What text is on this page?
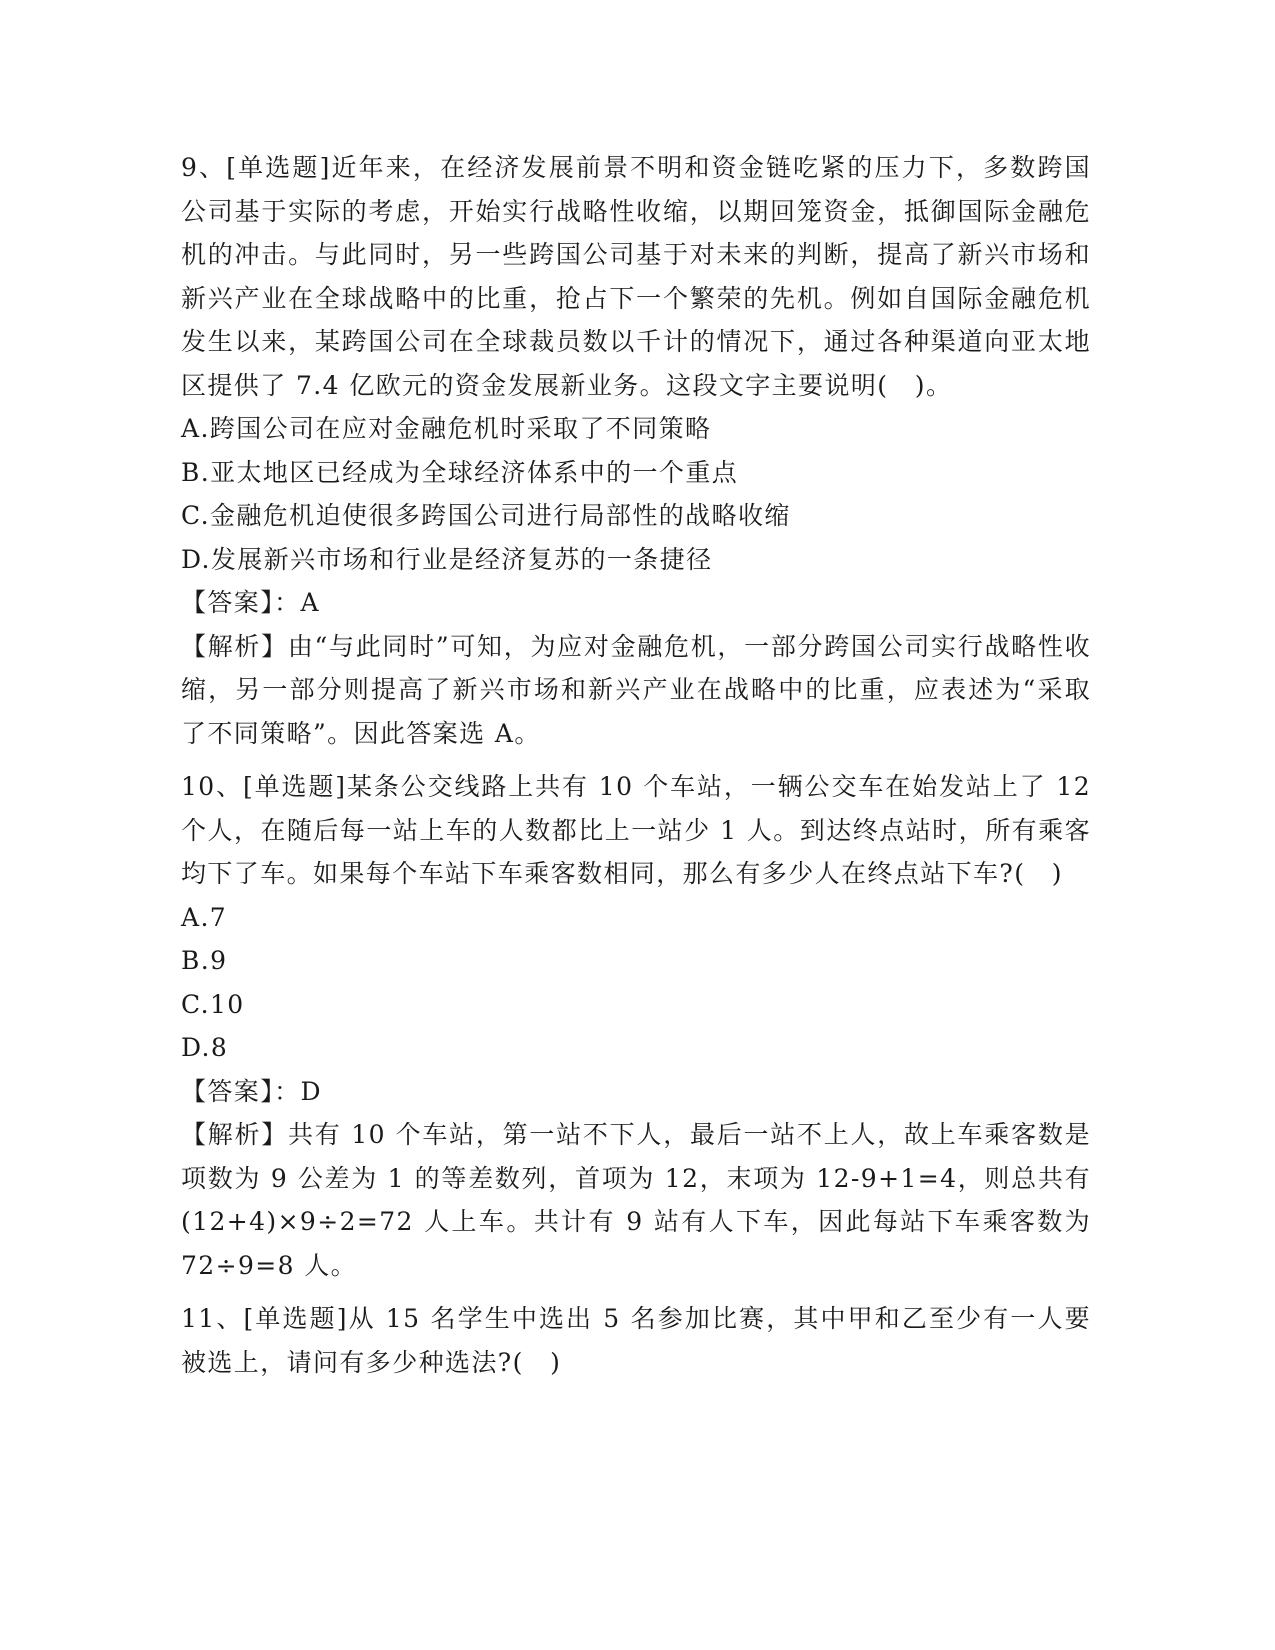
9、[单选题]近年来，在经济发展前景不明和资金链吃紧的压力下，多数跨国公司基于实际的考虑，开始实行战略性收缩，以期回笼资金，抵御国际金融危机的冲击。与此同时，另一些跨国公司基于对未来的判断，提高了新兴市场和新兴产业在全球战略中的比重，抢占下一个繁荣的先机。例如自国际金融危机发生以来，某跨国公司在全球裁员数以千计的情况下，通过各种渠道向亚太地区提供了 7.4 亿欧元的资金发展新业务。这段文字主要说明(　)。

A.跨国公司在应对金融危机时采取了不同策略

B.亚太地区已经成为全球经济体系中的一个重点

C.金融危机迫使很多跨国公司进行局部性的战略收缩

D.发展新兴市场和行业是经济复苏的一条捷径

【答案】：A

【解析】由“与此同时”可知，为应对金融危机，一部分跨国公司实行战略性收缩，另一部分则提高了新兴市场和新兴产业在战略中的比重，应表述为“采取了不同策略”。因此答案选 A。

10、[单选题]某条公交线路上共有 10 个车站，一辆公交车在始发站上了 12 个人，在随后每一站上车的人数都比上一站少 1 人。到达终点站时，所有乘客均下了车。如果每个车站下车乘客数相同，那么有多少人在终点站下车?(　)

A.7

B.9

C.10

D.8

【答案】：D

【解析】共有 10 个车站，第一站不下人，最后一站不上人，故上车乘客数是项数为 9 公差为 1 的等差数列，首项为 12，末项为 12-9+1=4，则总共有(12+4)×9÷2=72 人上车。共计有 9 站有人下车，因此每站下车乘客数为 72÷9=8 人。

11、[单选题]从 15 名学生中选出 5 名参加比赛，其中甲和乙至少有一人要被选上，请问有多少种选法?(　)
